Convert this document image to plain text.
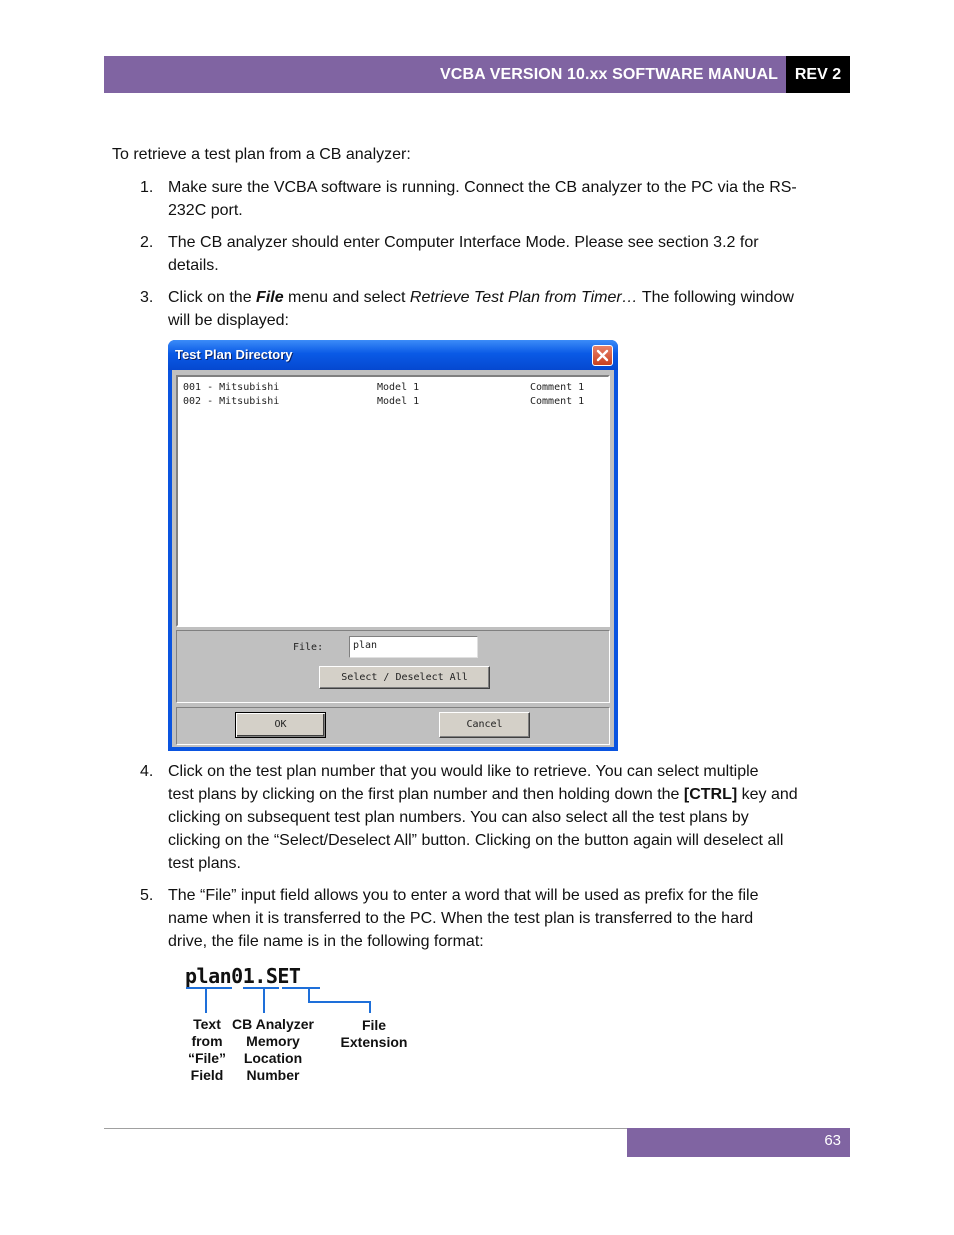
VCBA VERSION 10.xx SOFTWARE MANUAL	REV 2
To retrieve a test plan from a CB analyzer:
1. Make sure the VCBA software is running. Connect the CB analyzer to the PC via the RS-
232C port.
2. The CB analyzer should enter Computer Interface Mode. Please see section 3.2 for
details.
3. Click on the File menu and select Retrieve Test Plan from Timer… The following window
will be displayed:
Test Plan Directory
001 - Mitsubishi	Model 1	Comment 1
002 - Mitsubishi	Model 1	Comment 1
File:	plan
Select / Deselect All
OK	Cancel
4. Click on the test plan number that you would like to retrieve. You can select multiple
test plans by clicking on the first plan number and then holding down the [CTRL] key and
clicking on subsequent test plan numbers. You can also select all the test plans by
clicking on the “Select/Deselect All” button. Clicking on the button again will deselect all
test plans.
5. The “File” input field allows you to enter a word that will be used as prefix for the file
name when it is transferred to the PC. When the test plan is transferred to the hard
drive, the file name is in the following format:
plan01.SET
Text
from
“File”
Field
CB Analyzer
Memory
Location
Number
File
Extension
63
